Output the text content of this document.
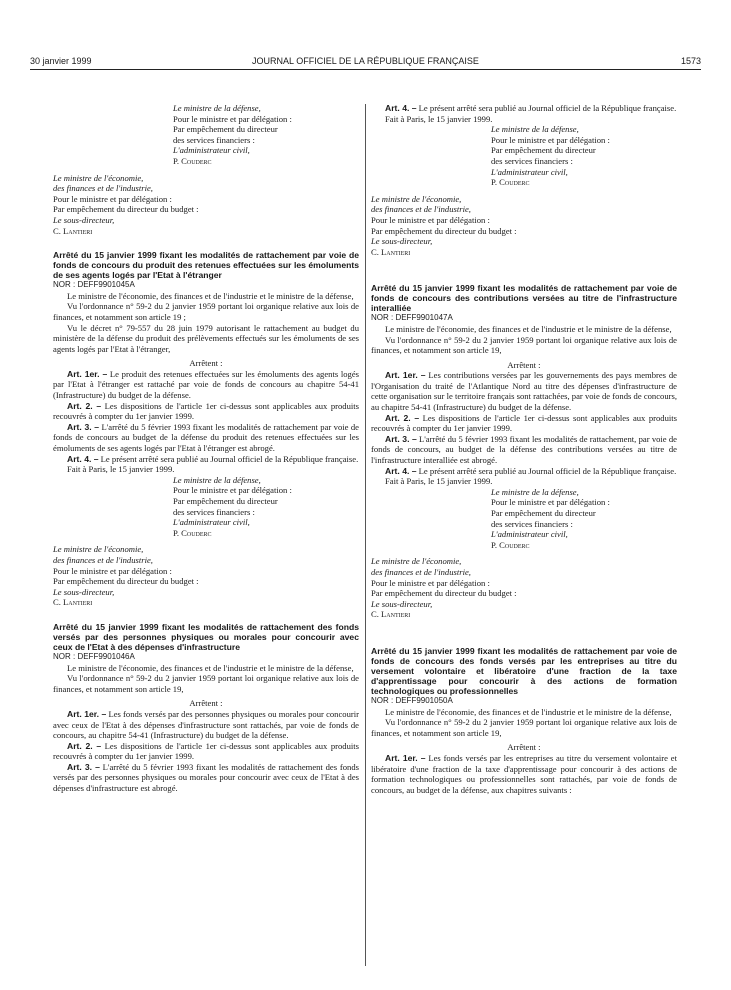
30 janvier 1999	JOURNAL OFFICIEL DE LA RÉPUBLIQUE FRANÇAISE	1573

Le ministre de la défense,

Pour le ministre et par délégation :

Par empêchement du directeur

des services financiers :

L'administrateur civil,

P. Couderc

Le ministre de l'économie,

des finances et de l'industrie,

Pour le ministre et par délégation :

Par empêchement du directeur du budget :

Le sous-directeur,

C. Lantieri

Arrêté du 15 janvier 1999 fixant les modalités de rattachement par voie de fonds de concours du produit des retenues effectuées sur les émoluments de ses agents logés par l'Etat à l'étranger

NOR : DEFF9901045A

Le ministre de l'économie, des finances et de l'industrie et le ministre de la défense,

Vu l'ordonnance n° 59-2 du 2 janvier 1959 portant loi organique relative aux lois de finances, et notamment son article 19 ;

Vu le décret n° 79-557 du 28 juin 1979 autorisant le rattachement au budget du ministère de la défense du produit des prélèvements effectués sur les émoluments de ses agents logés par l'Etat à l'étranger,

Arrêtent :

Art. 1er. – Le produit des retenues effectuées sur les émoluments des agents logés par l'Etat à l'étranger est rattaché par voie de fonds de concours au chapitre 54-41 (Infrastructure) du budget de la défense.

Art. 2. – Les dispositions de l'article 1er ci-dessus sont applicables aux produits recouvrés à compter du 1er janvier 1999.

Art. 3. – L'arrêté du 5 février 1993 fixant les modalités de rattachement par voie de fonds de concours au budget de la défense du produit des retenues effectuées sur les émoluments de ses agents logés par l'Etat à l'étranger est abrogé.

Art. 4. – Le présent arrêté sera publié au Journal officiel de la République française.

Fait à Paris, le 15 janvier 1999.

Le ministre de la défense,

Pour le ministre et par délégation :

Par empêchement du directeur

des services financiers :

L'administrateur civil,

P. Couderc

Le ministre de l'économie,

des finances et de l'industrie,

Pour le ministre et par délégation :

Par empêchement du directeur du budget :

Le sous-directeur,

C. Lantieri

Arrêté du 15 janvier 1999 fixant les modalités de rattachement des fonds versés par des personnes physiques ou morales pour concourir avec ceux de l'Etat à des dépenses d'infrastructure

NOR : DEFF9901046A

Le ministre de l'économie, des finances et de l'industrie et le ministre de la défense,

Vu l'ordonnance n° 59-2 du 2 janvier 1959 portant loi organique relative aux lois de finances, et notamment son article 19,

Arrêtent :

Art. 1er. – Les fonds versés par des personnes physiques ou morales pour concourir avec ceux de l'Etat à des dépenses d'infrastructure sont rattachés, par voie de fonds de concours, au chapitre 54-41 (Infrastructure) du budget de la défense.

Art. 2. – Les dispositions de l'article 1er ci-dessus sont applicables aux produits recouvrés à compter du 1er janvier 1999.

Art. 3. – L'arrêté du 5 février 1993 fixant les modalités de rattachement des fonds versés par des personnes physiques ou morales pour concourir avec ceux de l'Etat à des dépenses d'infrastructure est abrogé.

Art. 4. – Le présent arrêté sera publié au Journal officiel de la République française.

Fait à Paris, le 15 janvier 1999.

Le ministre de la défense,

Pour le ministre et par délégation :

Par empêchement du directeur

des services financiers :

L'administrateur civil,

P. Couderc

Le ministre de l'économie,

des finances et de l'industrie,

Pour le ministre et par délégation :

Par empêchement du directeur du budget :

Le sous-directeur,

C. Lantieri

Arrêté du 15 janvier 1999 fixant les modalités de rattachement par voie de fonds de concours des contributions versées au titre de l'infrastructure interalliée

NOR : DEFF9901047A

Le ministre de l'économie, des finances et de l'industrie et le ministre de la défense,

Vu l'ordonnance n° 59-2 du 2 janvier 1959 portant loi organique relative aux lois de finances, et notamment son article 19,

Arrêtent :

Art. 1er. – Les contributions versées par les gouvernements des pays membres de l'Organisation du traité de l'Atlantique Nord au titre des dépenses d'infrastructure de cette organisation sur le territoire français sont rattachées, par voie de fonds de concours, au chapitre 54-41 (Infrastructure) du budget de la défense.

Art. 2. – Les dispositions de l'article 1er ci-dessus sont applicables aux produits recouvrés à compter du 1er janvier 1999.

Art. 3. – L'arrêté du 5 février 1993 fixant les modalités de rattachement, par voie de fonds de concours, au budget de la défense des contributions versées au titre de l'infrastructure interalliée est abrogé.

Art. 4. – Le présent arrêté sera publié au Journal officiel de la République française.

Fait à Paris, le 15 janvier 1999.

Le ministre de la défense,

Pour le ministre et par délégation :

Par empêchement du directeur

des services financiers :

L'administrateur civil,

P. Couderc

Le ministre de l'économie,

des finances et de l'industrie,

Pour le ministre et par délégation :

Par empêchement du directeur du budget :

Le sous-directeur,

C. Lantieri

Arrêté du 15 janvier 1999 fixant les modalités de rattachement par voie de fonds de concours des fonds versés par les entreprises au titre du versement volontaire et libératoire d'une fraction de la taxe d'apprentissage pour concourir à des actions de formation technologiques ou professionnelles

NOR : DEFF9901050A

Le ministre de l'économie, des finances et de l'industrie et le ministre de la défense,

Vu l'ordonnance n° 59-2 du 2 janvier 1959 portant loi organique relative aux lois de finances, et notamment son article 19,

Arrêtent :

Art. 1er. – Les fonds versés par les entreprises au titre du versement volontaire et libératoire d'une fraction de la taxe d'apprentissage pour concourir à des actions de formation technologiques ou professionnelles sont rattachés, par voie de fonds de concours, au budget de la défense, aux chapitres suivants :
